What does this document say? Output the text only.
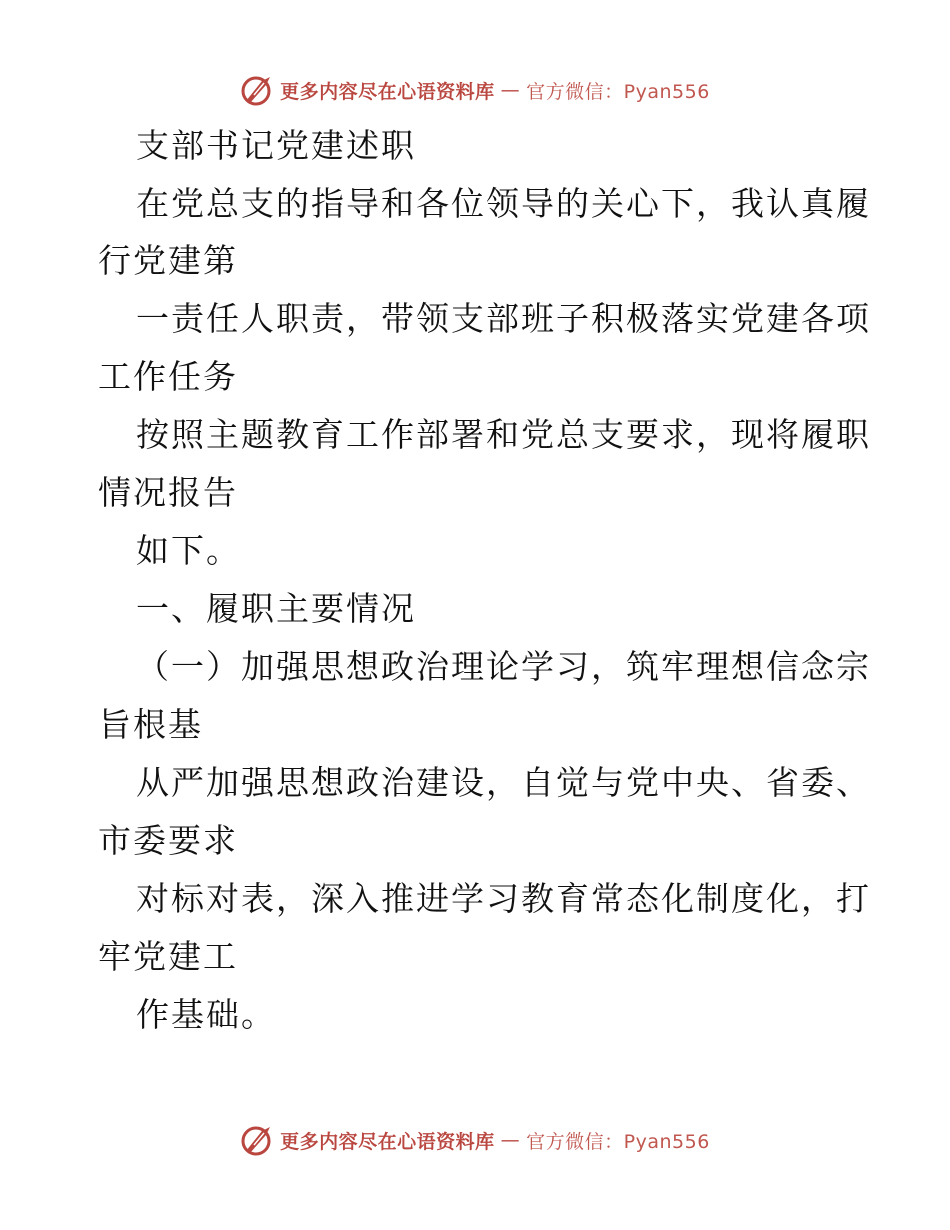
更多内容尽在心语资料库 — 官方微信：Pyan556
支部书记党建述职
在党总支的指导和各位领导的关心下，我认真履
行党建第
一责任人职责，带领支部班子积极落实党建各项
工作任务
按照主题教育工作部署和党总支要求，现将履职
情况报告
如下。
一、履职主要情况
（一）加强思想政治理论学习，筑牢理想信念宗
旨根基
从严加强思想政治建设，自觉与党中央、省委、
市委要求
对标对表，深入推进学习教育常态化制度化，打
牢党建工
作基础。
更多内容尽在心语资料库 — 官方微信：Pyan556
